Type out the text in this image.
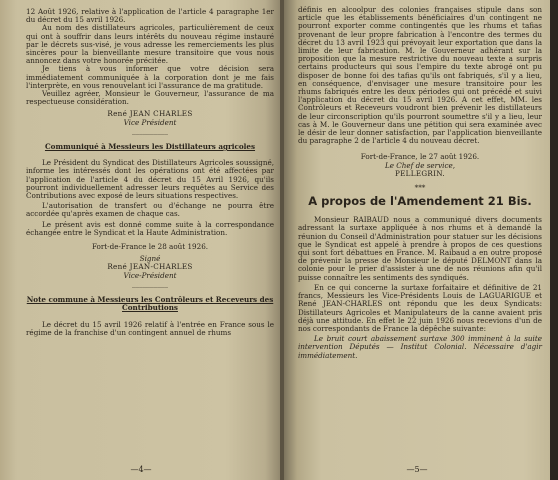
12 Août 1926, relative à l'application de l'article 4 paragraphe 1er du décret du 15 avril 1926.

Au nom des distillateurs agricoles, particulièrement de ceux qui ont à souffrir dans leurs intérêts du nouveau régime instauré par le décrets sus-visé, je vous adresse les remerciements les plus sincères pour la bienveillante mesure transitoire que vous nous annoncez dans votre honorée précitée.

Je tiens à vous informer que votre décision sera immédiatement communiquée à la corporation dont je me fais l'interprète, en vous renouvelant ici l'assurance de ma gratitude.

Veuillez agréer, Monsieur le Gouverneur, l'assurance de ma respectueuse considération.

René JEAN CHARLES

Vice Président

__________

Communiqué à Messieurs les Distillateurs agricoles

Le Président du Syndicat des Distillateurs Agricoles soussigné, informe les intéressés dont les opérations ont été affectées par l'application de l'article 4 du décret du 15 Avril 1926, qu'ils pourront individuellement adresser leurs requêtes au Service des Contributions avec exposé de leurs situations respectives.

L'autorisation de transfert ou d'échange ne pourra être accordée qu'après examen de chaque cas.

Le présent avis est donné comme suite à la correspondance échangée entre le Syndicat et la Haute Administration.

Fort-de-France le 28 août 1926.

Signé

René JEAN-CHARLES

Vice-Président

__________

Note commune à Messieurs les Contrôleurs et Receveurs des Contributions

Le décret du 15 avril 1926 relatif à l'entrée en France sous le régime de la franchise d'un contingent annuel de rhums

—4—

définis en alcoolpur des colonies françaises stipule dans son article que les établissements bénéficiaires d'un contingent ne pourront exporter comme contingentés que les rhums et tafias provenant de leur propre fabrication à l'encontre des termes du décret du 13 avril 1923 qui prévoyait leur exportation que dans la limite de leur fabrication. M. le Gouverneur adhérant sur la proposition que la mesure restrictive du nouveau texte a surpris certains producteurs qui sous l'empire du texte abrogé ont pu disposer de bonne foi des tafias qu'ils ont fabriqués, s'il y a lieu, en conséquence, d'envisager une mesure transitoire pour les rhums fabriqués entre les deux périodes qui ont précédé et suivi l'application du décret du 15 avril 1926. A cet effet, MM. les Contrôleurs et Receveurs voudront bien prévenir les distillateurs de leur circonscription qu'ils pourront soumettre s'il y a lieu, leur cas à M. le Gouverneur dans une pétition qui sera examinée avec le désir de leur donner satisfaction, par l'application bienveillante du paragraphe 2 de l'article 4 du nouveau décret.

Fort-de-France, le 27 août 1926.

Le Chef de service,

PELLEGRIN.

***

A propos de l'Amendement 21 Bis.

Monsieur RAIBAUD nous a communiqué divers documents adressant la surtaxe appliquée à nos rhums et à demandé la réunion du Conseil d'Administration pour statuer sur les décisions que le Syndicat est appelé à prendre à propos de ces questions qui sont fort débattues en France. M. Raibaud a en outre proposé de prévenir la presse de Monsieur le député DELMONT dans la colonie pour le prier d'assister à une de nos réunions afin qu'il puisse connaître les sentiments des syndiqués.

En ce qui concerne la surtaxe forfaitaire et définitive de 21 francs, Messieurs les Vice-Présidents Louis de LAGUARIGUE et René JEAN-CHARLES ont répondu que les deux Syndicats: Distillateurs Agricoles et Manipulateurs de la canne avaient pris déjà une attitude. En effet le 22 juin 1926 nous recevions d'un de nos correspondants de France la dépêche suivante:

Le bruit court abaissement surtaxe 300 imminent à la suite intervention Députés — Institut Colonial. Nécessaire d'agir immédiatement.

—5—
